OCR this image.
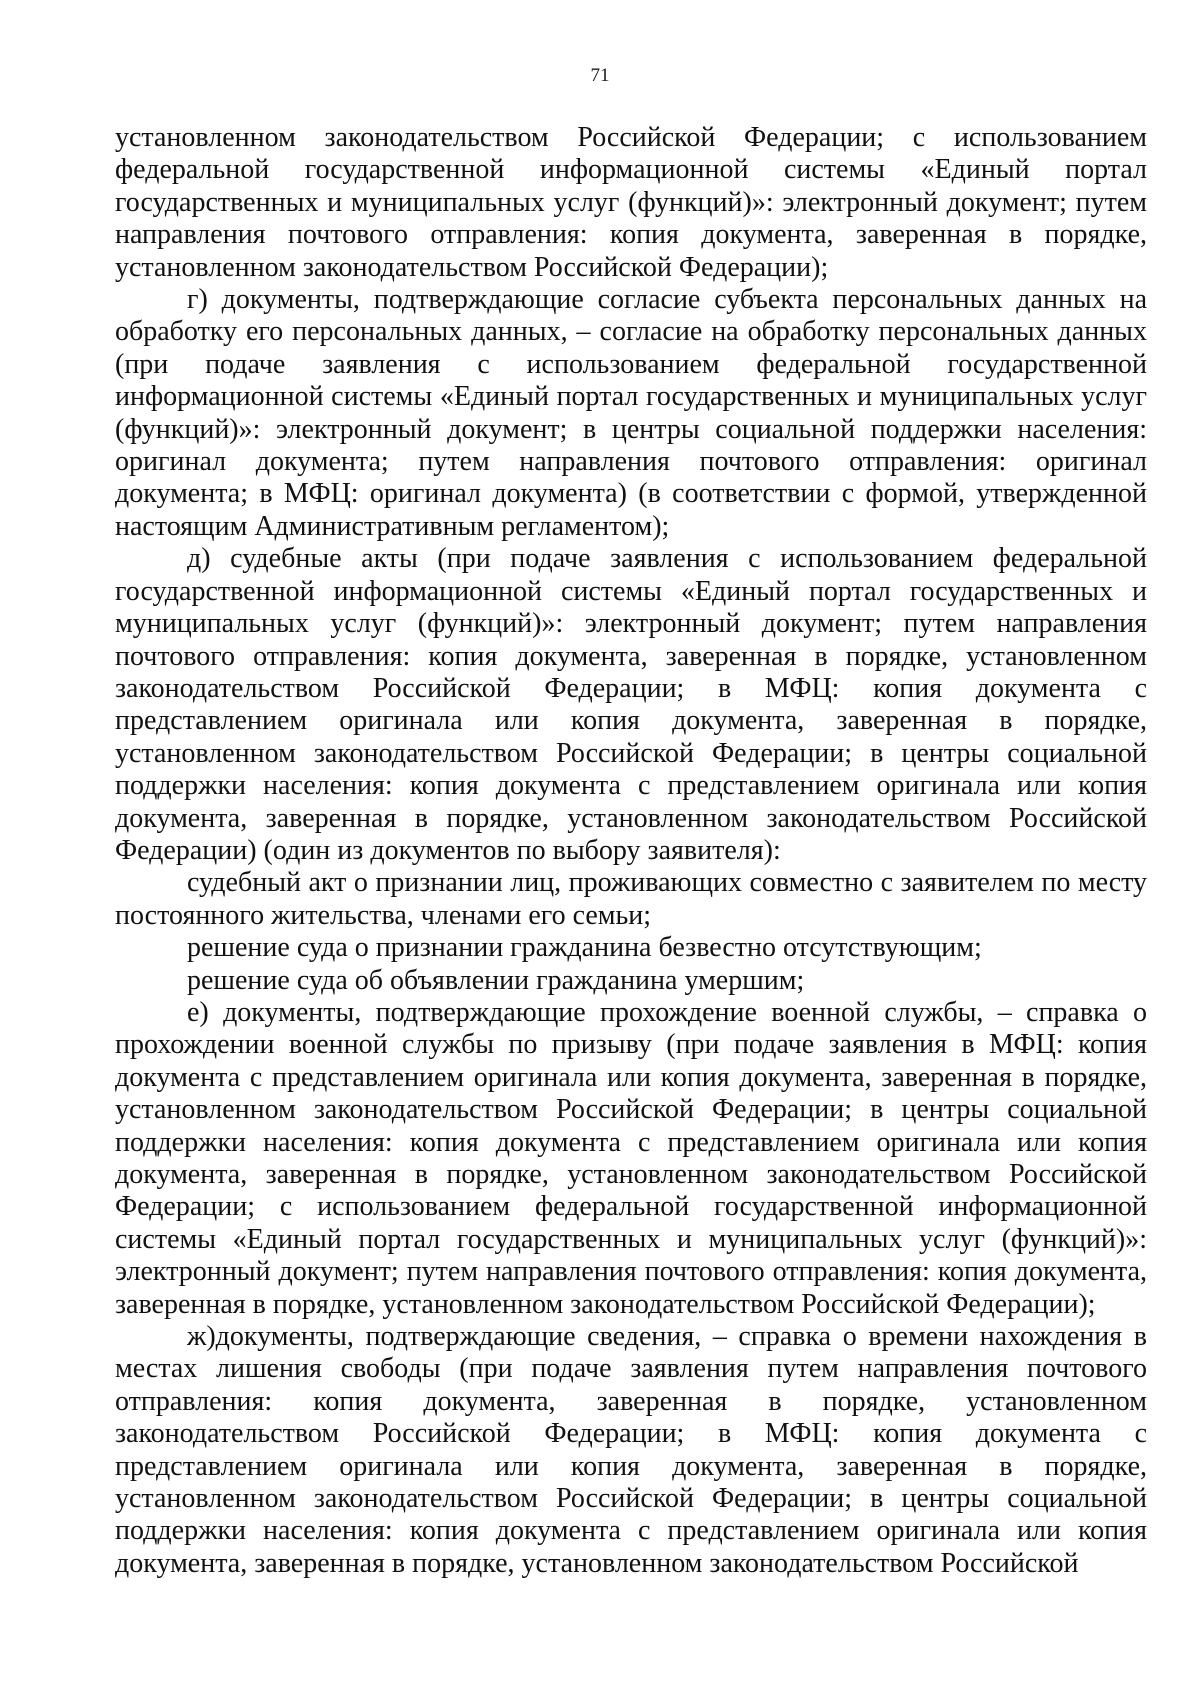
71

установленном законодательством Российской Федерации; с использованием федеральной государственной информационной системы «Единый портал государственных и муниципальных услуг (функций)»: электронный документ; путем направления почтового отправления: копия документа, заверенная в порядке, установленном законодательством Российской Федерации);

г) документы, подтверждающие согласие субъекта персональных данных на обработку его персональных данных, – согласие на обработку персональных данных (при подаче заявления с использованием федеральной государственной информационной системы «Единый портал государственных и муниципальных услуг (функций)»: электронный документ; в центры социальной поддержки населения: оригинал документа; путем направления почтового отправления: оригинал документа; в МФЦ: оригинал документа) (в соответствии с формой, утвержденной настоящим Административным регламентом);

д) судебные акты (при подаче заявления с использованием федеральной государственной информационной системы «Единый портал государственных и муниципальных услуг (функций)»: электронный документ; путем направления почтового отправления: копия документа, заверенная в порядке, установленном законодательством Российской Федерации; в МФЦ: копия документа с представлением оригинала или копия документа, заверенная в порядке, установленном законодательством Российской Федерации; в центры социальной поддержки населения: копия документа с представлением оригинала или копия документа, заверенная в порядке, установленном законодательством Российской Федерации) (один из документов по выбору заявителя):

судебный акт о признании лиц, проживающих совместно с заявителем по месту постоянного жительства, членами его семьи;

решение суда о признании гражданина безвестно отсутствующим;

решение суда об объявлении гражданина умершим;

е) документы, подтверждающие прохождение военной службы, – справка о прохождении военной службы по призыву (при подаче заявления в МФЦ: копия документа с представлением оригинала или копия документа, заверенная в порядке, установленном законодательством Российской Федерации; в центры социальной поддержки населения: копия документа с представлением оригинала или копия документа, заверенная в порядке, установленном законодательством Российской Федерации; с использованием федеральной государственной информационной системы «Единый портал государственных и муниципальных услуг (функций)»: электронный документ; путем направления почтового отправления: копия документа, заверенная в порядке, установленном законодательством Российской Федерации);

ж)документы, подтверждающие сведения, – справка о времени нахождения в местах лишения свободы (при подаче заявления путем направления почтового отправления: копия документа, заверенная в порядке, установленном законодательством Российской Федерации; в МФЦ: копия документа с представлением оригинала или копия документа, заверенная в порядке, установленном законодательством Российской Федерации; в центры социальной поддержки населения: копия документа с представлением оригинала или копия документа, заверенная в порядке, установленном законодательством Российской
